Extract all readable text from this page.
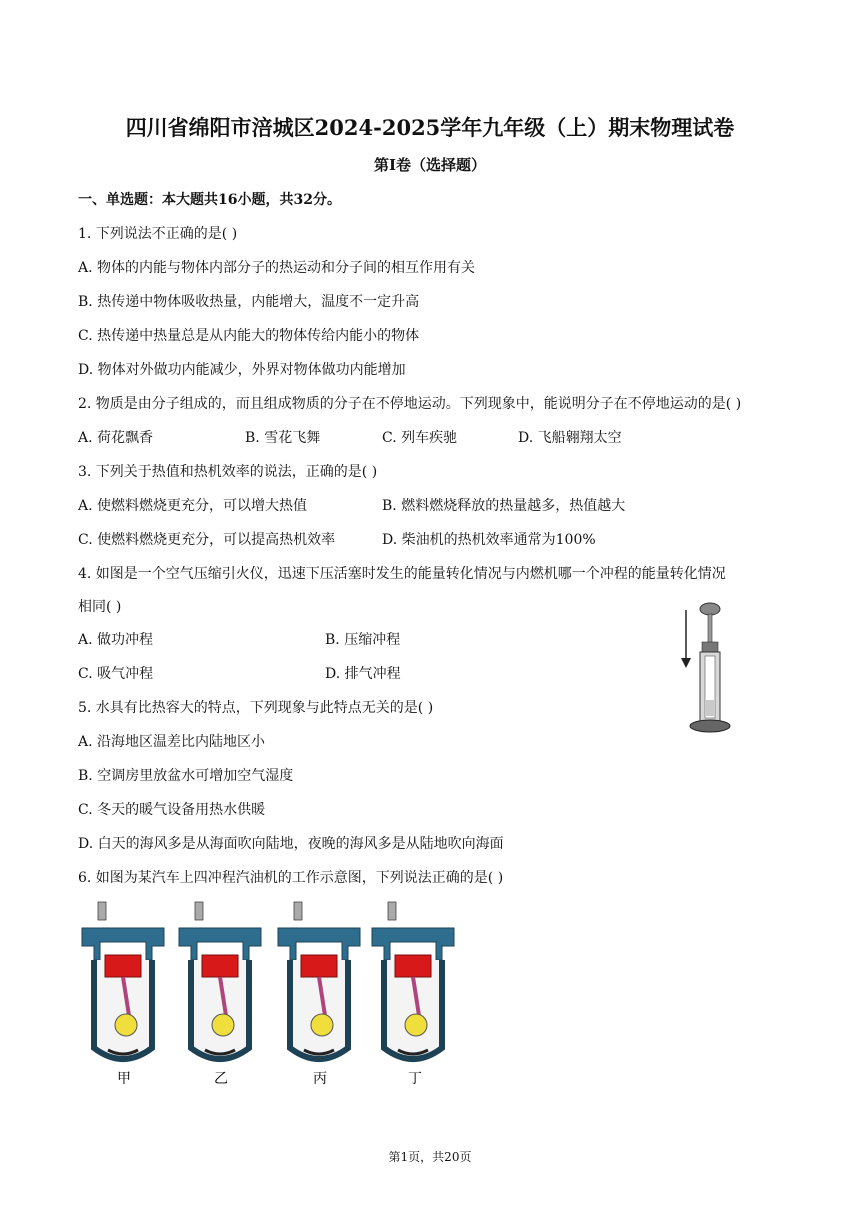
四川省绵阳市涪城区2024-2025学年九年级（上）期末物理试卷
第I卷（选择题）
一、单选题：本大题共16小题，共32分。
1. 下列说法不正确的是( )
A. 物体的内能与物体内部分子的热运动和分子间的相互作用有关
B. 热传递中物体吸收热量，内能增大，温度不一定升高
C. 热传递中热量总是从内能大的物体传给内能小的物体
D. 物体对外做功内能减少，外界对物体做功内能增加
2. 物质是由分子组成的，而且组成物质的分子在不停地运动。下列现象中，能说明分子在不停地运动的是( )
A. 荷花飘香	B. 雪花飞舞	C. 列车疾驰	D. 飞船翱翔太空
3. 下列关于热值和热机效率的说法，正确的是( )
A. 使燃料燃烧更充分，可以增大热值	B. 燃料燃烧释放的热量越多，热值越大
C. 使燃料燃烧更充分，可以提高热机效率	D. 柴油机的热机效率通常为100%
4. 如图是一个空气压缩引火仪，迅速下压活塞时发生的能量转化情况与内燃机哪一个冲程的能量转化情况
相同( )
A. 做功冲程	B. 压缩冲程
C. 吸气冲程	D. 排气冲程
5. 水具有比热容大的特点，下列现象与此特点无关的是( )
A. 沿海地区温差比内陆地区小
B. 空调房里放盆水可增加空气湿度
C. 冬天的暖气设备用热水供暖
D. 白天的海风多是从海面吹向陆地，夜晚的海风多是从陆地吹向海面
6. 如图为某汽车上四冲程汽油机的工作示意图，下列说法正确的是( )
甲	乙	丙	丁
第1页，共20页
